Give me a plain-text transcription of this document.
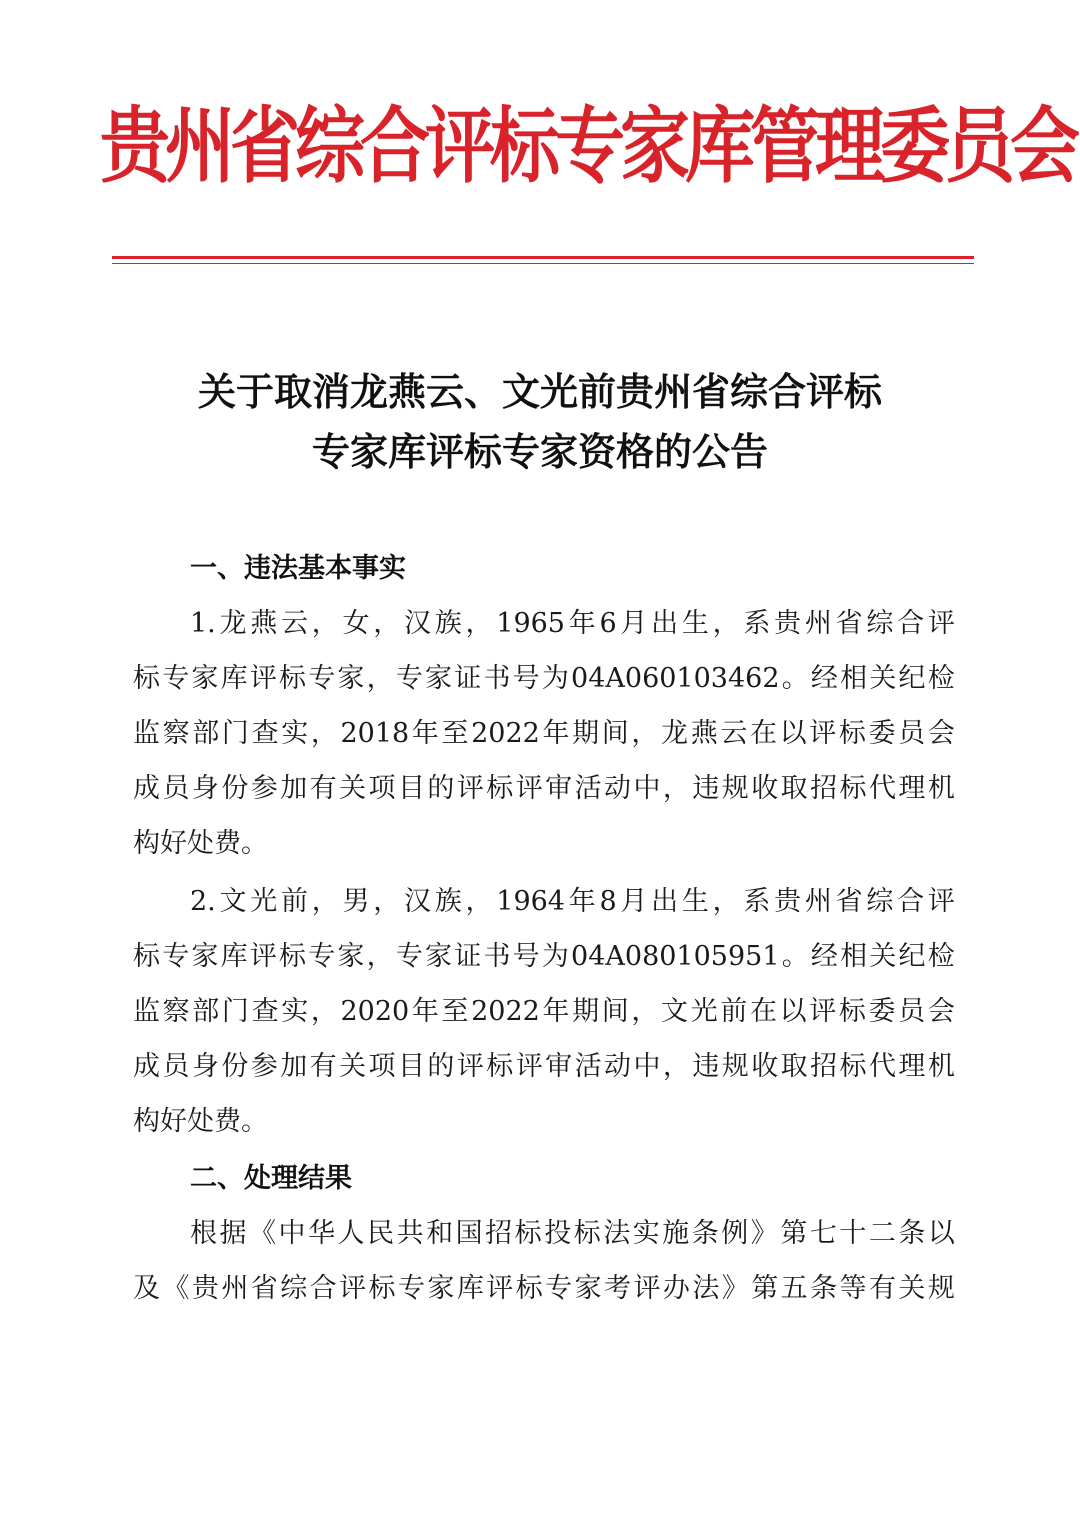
贵州省综合评标专家库管理委员会
关于取消龙燕云、文光前贵州省综合评标
专家库评标专家资格的公告
一、违法基本事实
1. 龙 燕 云 ， 女 ， 汉 族 ， 1965 年 6 月 出 生 ， 系 贵 州 省 综 合 评
标 专 家 库 评 标 专 家 ， 专 家 证 书 号 为 04A060103462 。 经 相 关 纪 检
监 察 部 门 查 实 ， 2018 年 至 2022 年 期 间 ， 龙 燕 云 在 以 评 标 委 员 会
成 员 身 份 参 加 有 关 项 目 的 评 标 评 审 活 动 中 ， 违 规 收 取 招 标 代 理 机
构好处费。
2. 文 光 前 ， 男 ， 汉 族 ， 1964 年 8 月 出 生 ， 系 贵 州 省 综 合 评
标 专 家 库 评 标 专 家 ， 专 家 证 书 号 为 04A080105951 。 经 相 关 纪 检
监 察 部 门 查 实 ， 2020 年 至 2022 年 期 间 ， 文 光 前 在 以 评 标 委 员 会
成 员 身 份 参 加 有 关 项 目 的 评 标 评 审 活 动 中 ， 违 规 收 取 招 标 代 理 机
构好处费。
二、处理结果
根 据 《 中 华 人 民 共 和 国 招 标 投 标 法 实 施 条 例 》 第 七 十 二 条 以
及 《 贵 州 省 综 合 评 标 专 家 库 评 标 专 家 考 评 办 法 》 第 五 条 等 有 关 规
